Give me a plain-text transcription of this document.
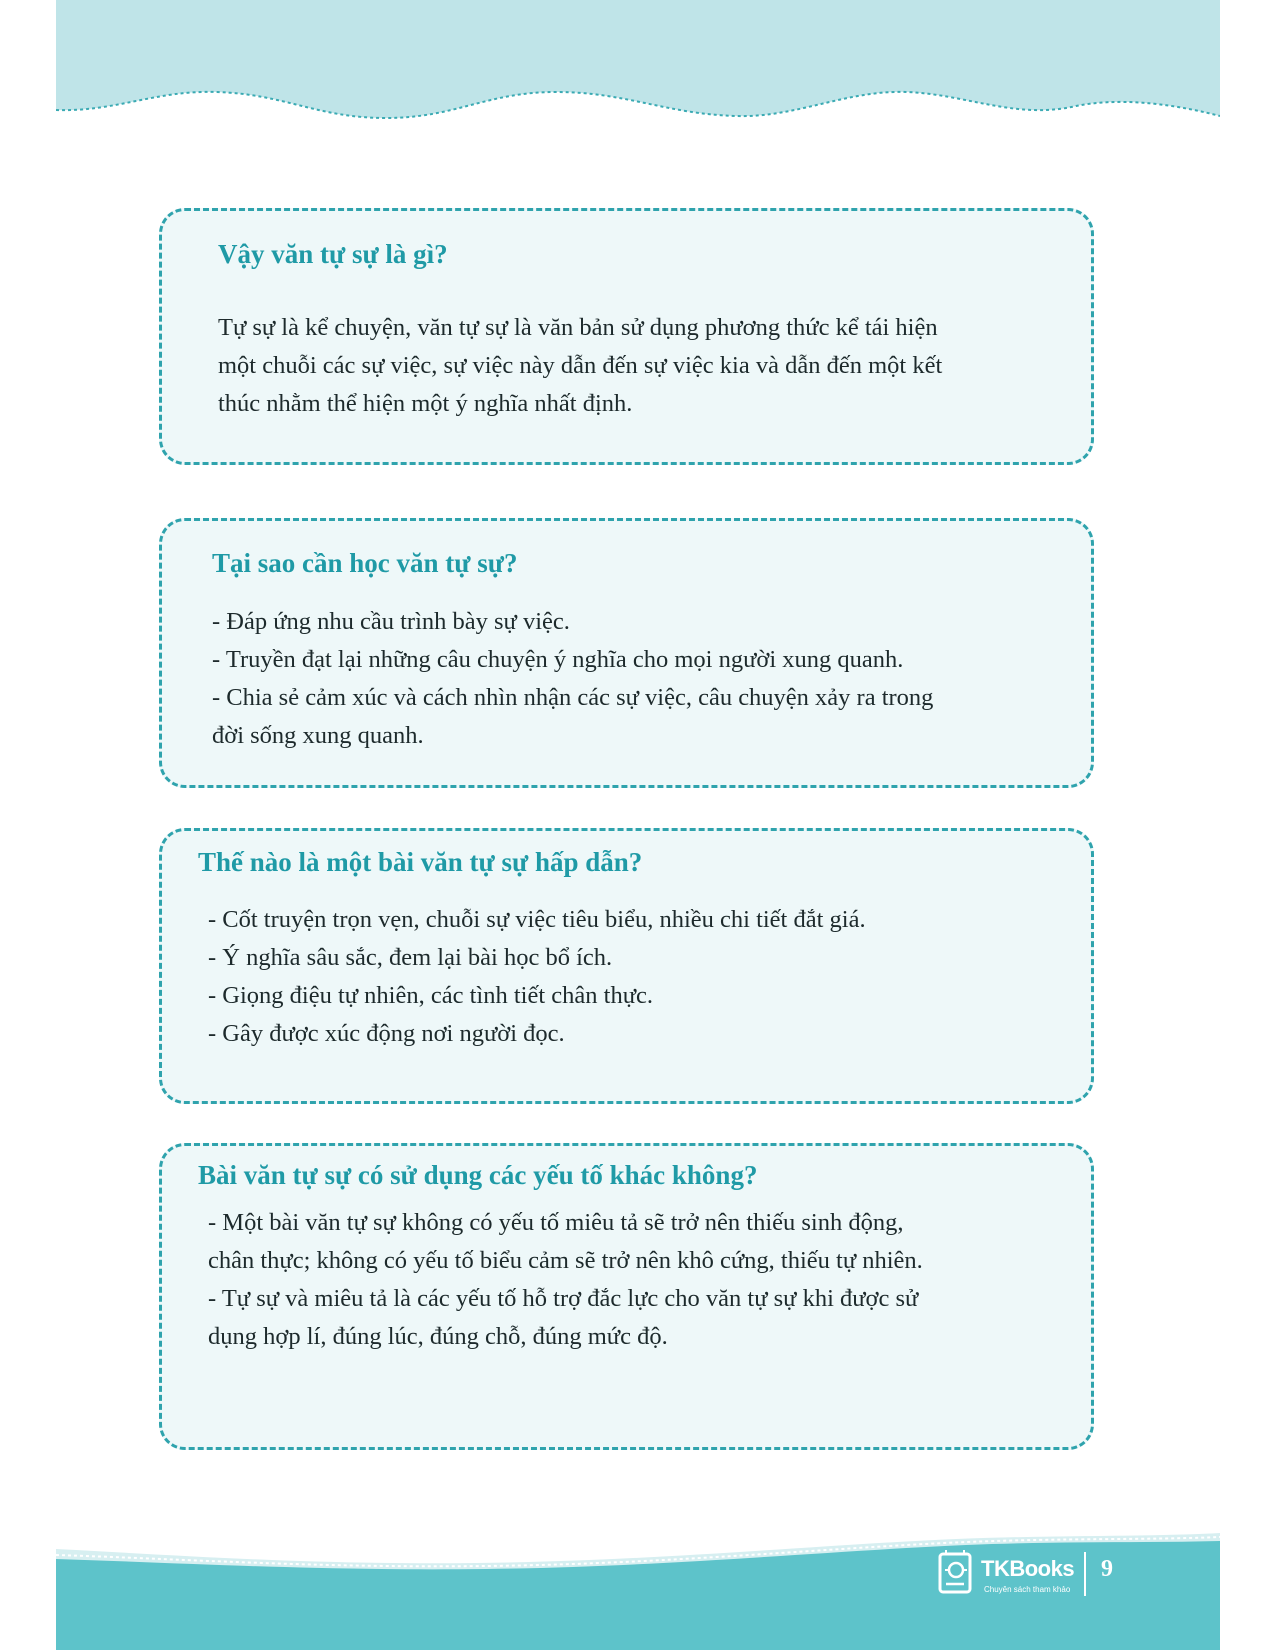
Vậy văn tự sự là gì?

Tự sự là kể chuyện, văn tự sự là văn bản sử dụng phương thức kể tái hiện
một chuỗi các sự việc, sự việc này dẫn đến sự việc kia và dẫn đến một kết
thúc nhằm thể hiện một ý nghĩa nhất định.

Tại sao cần học văn tự sự?
- Đáp ứng nhu cầu trình bày sự việc.
- Truyền đạt lại những câu chuyện ý nghĩa cho mọi người xung quanh.
- Chia sẻ cảm xúc và cách nhìn nhận các sự việc, câu chuyện xảy ra trong
đời sống xung quanh.
Thế nào là một bài văn tự sự hấp dẫn?
- Cốt truyện trọn vẹn, chuỗi sự việc tiêu biểu, nhiều chi tiết đắt giá.
- Ý nghĩa sâu sắc, đem lại bài học bổ ích.
- Giọng điệu tự nhiên, các tình tiết chân thực.
- Gây được xúc động nơi người đọc.
Bài văn tự sự có sử dụng các yếu tố khác không?
- Một bài văn tự sự không có yếu tố miêu tả sẽ trở nên thiếu sinh động,
chân thực; không có yếu tố biểu cảm sẽ trở nên khô cứng, thiếu tự nhiên.
- Tự sự và miêu tả là các yếu tố hỗ trợ đắc lực cho văn tự sự khi được sử
dụng hợp lí, đúng lúc, đúng chỗ, đúng mức độ.
TKBooks
Chuyên sách tham khảo
9
